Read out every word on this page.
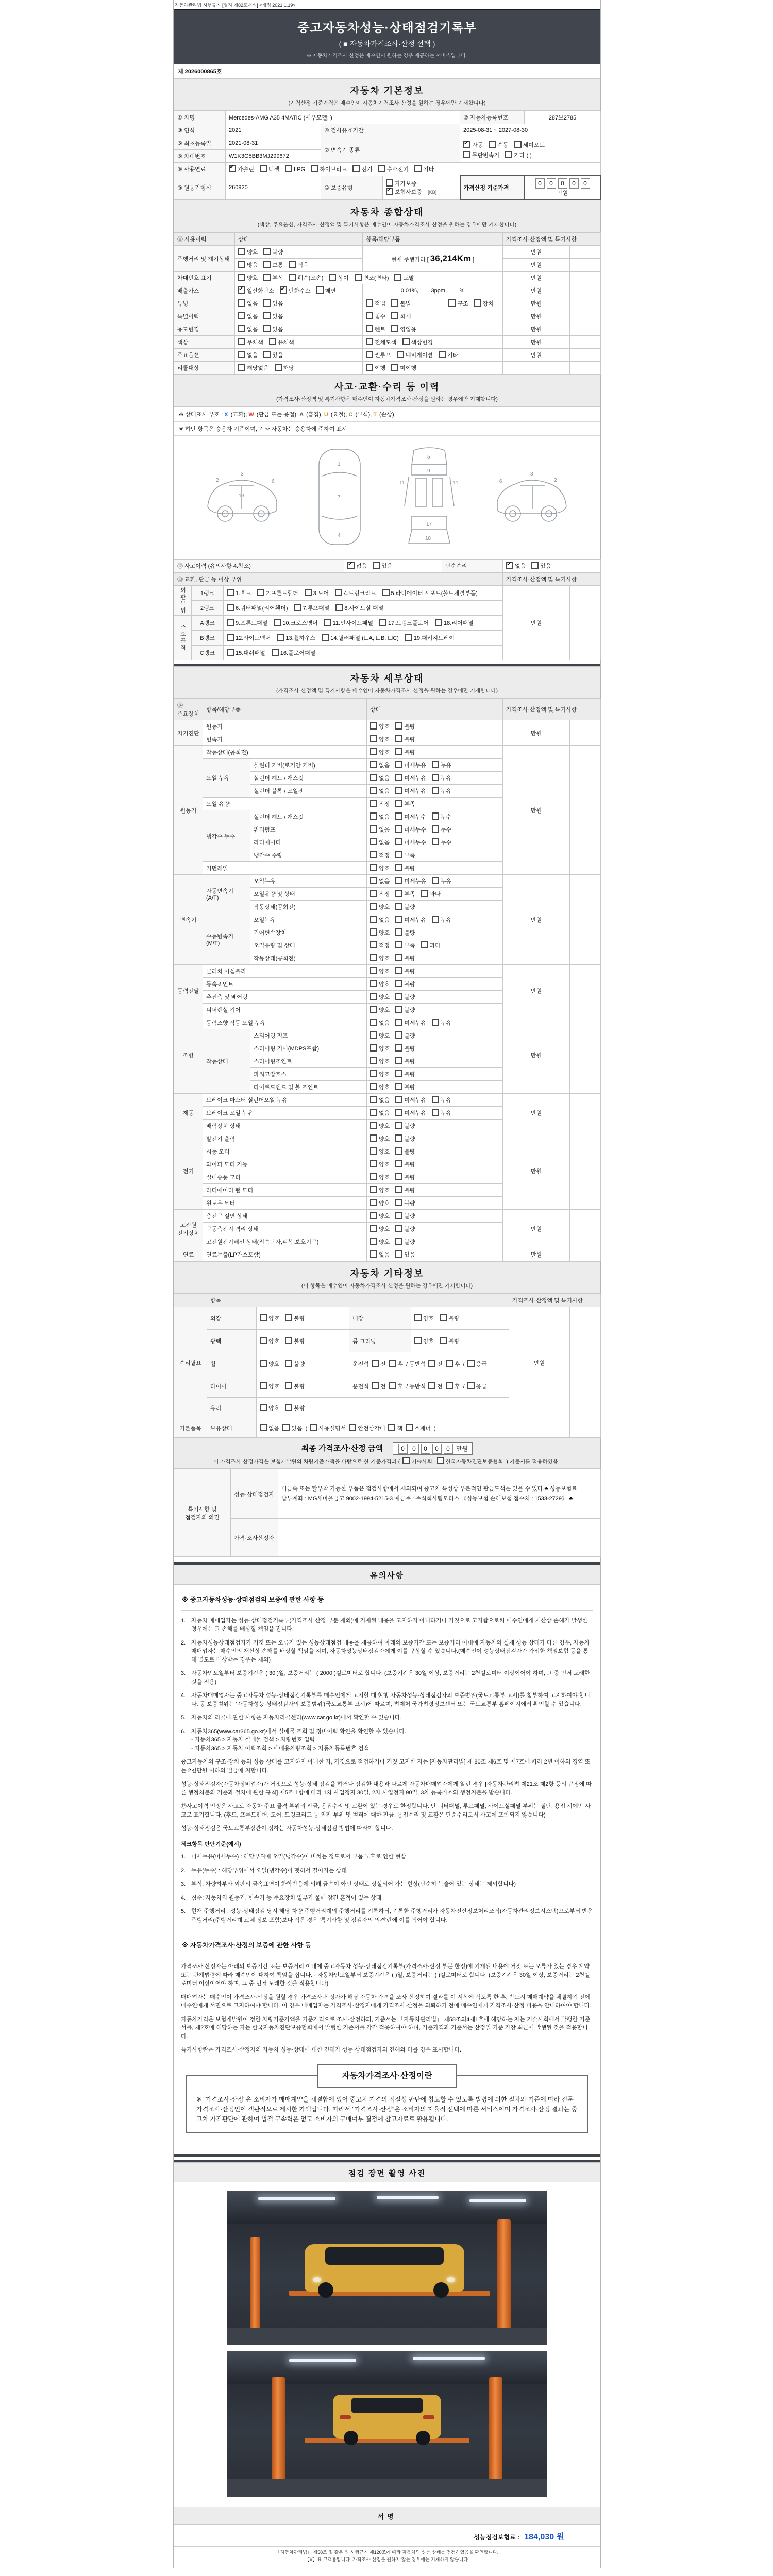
자동차관리법 시행규칙 [별지 제82호서식] <개정 2021.1.19>
중고자동차성능·상태점검기록부
( ■ 자동차가격조사·산정 선택 )
※ 자동차가격조사·산정은 매수인이 원하는 경우 제공하는 서비스입니다.
제 2026000865호
자동차 기본정보
(가격산정 기준가격은 매수인이 자동차가격조사·산정을 원하는 경우에만 기재합니다)
① 차명	Mercedes-AMG A35 4MATIC (세부모델: )			② 자동차등록번호	287보2785
③ 연식	2021	④ 검사유효기간		2025-08-31 ~ 2027-08-30	
⑤ 최초등록일	2021-08-31	⑦ 변속기 종류	
✔자동 수동 세미오토
무단변속기 기타 ( )

⑥ 차대번호	W1K3G5BB3MJ299672				
⑧ 사용연료	✔가솔린 디젤 LPG 하이브리드 전기 수소전기 기타
⑨ 원동기형식	260920	⑩ 보증유형	자가보증✔보험사보증 [KB]	가격산정 기준가격	0 0 0 0 0 만원
자동차 종합상태
(색상, 주요옵션, 가격조사·산정액 및 특기사항은 매수인이 자동차가격조사·산정을 원하는 경우에만 기재합니다)
⑪ 사용이력	상태	항목/해당부품	가격조사·산정액 및 특기사항	
주행거리 및 계기상태	양호 불량	현재 주행거리 [ 36,214Km ]	만원	
	많음 보통 적음		만원	
차대번호 표기	양호 부식 훼손(오손) 상이 변조(변타) 도말		만원	
배출가스	✔일산화탄소 ✔ 탄화수소 매연	0.01%,        3ppm,        %	만원	
튜닝	없음 있음	적법 불법 구조 장치	만원	
특별이력	없음 있음	침수 화재	만원	
용도변경	없음 있음	렌트 영업용	만원	
색상	무채색 유채색	전체도색 색상변경	만원	
주요옵션	없음 있음	썬루프 네비게이션 기타	만원	
리콜대상	해당없음 해당	이행 미이행		
사고·교환·수리 등 이력
(가격조사·산정액 및 특기사항은 매수인이 자동차가격조사·산정을 원하는 경우에만 기재합니다)
※ 상태표시 부호 : X (교환), W (판금 또는 용접), A (흠집), U (요철), C (부식), T (손상)
※ 하단 항목은 승용차 기준이며, 기타 자동차는 승용차에 준하여 표시
2
3
6
13
1
7
4
5
9
11	11
17
18
2
3
6
⑫ 사고이력 (유의사항 4.참조)	✔없음	있음	단순수리	✔없음	있음
⑬ 교환, 판금 등 이상 부위			가격조사·산정액 및 특기사항	
외판부위	1랭크	1.후드 2.프론트휀더 3.도어 4.트렁크리드 5.라디에이터 서포트(볼트체결부품)	만원	
	2랭크	6.쿼터패널(리어휀더) 7.루프패널 8.사이드실 패널		
주요골격	A랭크	9.프론트패널 10.크로스멤버 11.인사이드패널 17.트렁크플로어 18.리어패널		
	B랭크	12.사이드멤버 13.휠하우스 14.필러패널 (☐A, ☐B, ☐C) 19.패키지트레이		
	C랭크	15.대쉬패널 16.플로어패널		
자동차 세부상태
(가격조사·산정액 및 특기사항은 매수인이 자동차가격조사·산정을 원하는 경우에만 기재합니다)
⑭ 주요장치	항목/해당부품		상태	가격조사·산정액 및 특기사항	
자기진단	원동기		양호 불량	만원	
	변속기		양호 불량		
원동기	작동상태(공회전)		양호 불량	만원	
	오일 누유	실린더 커버(로커암 커버)	없음 미세누유 누유		
		실린더 헤드 / 개스킷	없음 미세누유 누유		
		실린더 블록 / 오일팬	없음 미세누유 누유		
	오일 유량		적정 부족		
	냉각수 누수	실린더 헤드 / 개스킷	없음 미세누수 누수		
		워터펌프	없음 미세누수 누수		
		라디에이터	없음 미세누수 누수		
		냉각수 수량	적정 부족		
	커먼레일		양호 불량		
변속기	자동변속기 (A/T)	오일누유	없음 미세누유 누유	만원	
		오일유량 및 상태	적정 부족 과다		
		작동상태(공회전)	양호 불량		
	수동변속기 (M/T)	오일누유	없음 미세누유 누유		
		기어변속장치	양호 불량		
		오일유량 및 상태	적정 부족 과다		
		작동상태(공회전)	양호 불량		
동력전달	클러치 어셈블리		양호 불량	만원	
	등속죠인트		양호 불량		
	추진축 및 베어링		양호 불량		
	디퍼렌셜 기어		양호 불량		
조향	동력조향 작동 오일 누유		없음 미세누유 누유	만원	
	작동상태	스티어링 펌프	양호 불량		
		스티어링 기어(MDPS포함)	양호 불량		
		스티어링조인트	양호 불량		
		파워고압호스	양호 불량		
		타이로드엔드 및 볼 조인트	양호 불량		
제동	브레이크 마스터 실린더오일 누유		없음 미세누유 누유	만원	
	브레이크 오일 누유		없음 미세누유 누유		
	배력장치 상태		양호 불량		
전기	발전기 출력		양호 불량	만원	
	시동 모터		양호 불량		
	와이퍼 모터 기능		양호 불량		
	실내송풍 모터		양호 불량		
	라디에이터 팬 모터		양호 불량		
	윈도우 모터		양호 불량		
고전원 전기장치	충전구 절연 상태		양호 불량	만원	
	구동축전지 격리 상태		양호 불량		
	고전원전기배선 상태(접속단자,피복,보호기구)		양호 불량		
연료	연료누출(LP가스포함)		없음 있음	만원	
자동차 기타정보
(이 항목은 매수인이 자동차가격조사·산정을 원하는 경우에만 기재합니다)
	항목				가격조사·산정액 및 특기사항	
수리필요	외장	양호 불량	내장	양호 불량	만원	
	광택	양호 불량	룸 크리닝	양호 불량		
	휠	양호 불량	운전석 전 후 / 동반석 전 후 / 응급			
	타이어	양호 불량	운전석 전 후 / 동반석 전 후 / 응급			
	유리	양호 불량				
기본품목	보유상태	없음 있음 ( 사용설명서 안전삼각대 잭 스패너 )				
최종 가격조사·산정 금액	0 0 0 0 0 만원
이 가격조사·산정가격은 보험개발원의 차량기준가액을 바탕으로 한 기준가격과 ( 기술사회, 한국자동차진단보증협회 ) 기준서를 적용하였음
특기사항 및 점검자의 의견	성능·상태점검자	비금속 또는 탈부착 가능한 부품은 점검사항에서 제외되며 중고차 특성상 부분적인 판금도색은 있을 수 있다.♣ 성능보험료 납부계좌 : MG새마을금고 9002-1994-5215-3 예금주 : 주식회사팀모터스 《성능보험 손해보험 접수처 : 1533-2729》 ♣
	가격·조사산정자	
유의사항
※ 중고자동차성능·상태점검의 보증에 관한 사항 등
1. 자동차 매매업자는 성능·상태점검기록부(가격조사·산정 부분 제외)에 기재된 내용을 고지하지 아니하거나 거짓으로 고지함으로써 매수인에게 재산상 손해가 발생한 경우에는 그 손해를 배상할 책임을 집니다.
2. 자동차성능상태점검자가 거짓 또는 오류가 있는 성능상태점검 내용을 제공하여 아래의 보증기간 또는 보증거리 이내에 자동차의 실제 성능 상태가 다른 경우, 자동차매매업자는 매수인의 재산상 손해를 배상할 책임을 지며, 자동차성능상태점검자에게 이를 구상할 수 있습니다.(매수인이 성능상태점검자가 가입한 책임보험 등을 통해 별도로 배상받는 경우는 제외)
3. 자동차인도일부터 보증기간은 ( 30 )일, 보증거리는 ( 2000 )킬로미터로 합니다. (보증기간은 30일 이상, 보증거리는 2천킬로미터 이상이어야 하며, 그 중 먼저 도래한 것을 적용)
4. 자동차매매업자는 중고자동차 성능·상태점검기록부를 매수인에게 고지할 때 현행 자동차성능·상태점검자의 보증범위(국토교통부 고시)를 첨부하여 고지하여야 합니다. 동 보증범위는 '자동차성능·상태점검자의 보증범위'(국토교통부 고시)에 따르며, 법제처 국가법령정보센터 또는 국토교통부 홈페이지에서 확인할 수 있습니다.
5. 자동차의 리콜에 관한 사항은 자동차리콜센터(www.car.go.kr)에서 확인할 수 있습니다.
6. 자동차365(www.car365.go.kr)에서 실매물 조회 및 정비이력 확인을 확인할 수 있습니다.
- 자동차365 > 자동차 실매물 검색 > 차량번호 입력
- 자동차365 > 자동차 이력조회 > 매매용차량조회 > 자동차등록번호 검색
중고자동차의 구조·장치 등의 성능·상태를 고지하지 아니한 자, 거짓으로 점검하거나 거짓 고지한 자는 [자동차관리법] 제 80조 제6호 및 제7호에 따라 2년 이하의 징역 또는 2천만원 이하의 벌금에 처합니다.
성능·상태점검자(자동차정비업자)가 거짓으로 성능·상태 점검을 하거나 점검한 내용과 다르게 자동차매매업자에게 알린 경우 [자동차관리법 제21조 제2항 등의 규정에 따른 행정처분의 기준과 절차에 관한 규칙] 제5조 1항에 따라 1차 사업정지 30일, 2차 사업정지 90일, 3차 등록취소의 행정처분을 받습니다.
⑫사고이력 인정은 사고로 자동차 주요 골격 부위의 판금, 용접수리 및 교환이 있는 경우로 한정합니다. 단 쿼터패널, 루프패널, 사이드실패널 부위는 절단, 용접 시에만 사고로 표기합니다. (후드, 프론트펜더, 도어, 트렁크리드 등 외판 부위 및 범퍼에 대한 판금, 용접수리 및 교환은 단순수리로서 사고에 포함되지 않습니다)
성능·상태점검은 국토교통부장관이 정하는 자동차성능·상태점검 방법에 따라야 합니다.
체크항목 판단기준(예시)
1. 미세누유(미세누수) : 해당부위에 오일(냉각수)이 비치는 정도로서 부품 노후로 인한 현상
2. 누유(누수) : 해당부위에서 오일(냉각수)이 맺혀서 떨어지는 상태
3. 부식: 차량하부와 외판의 금속표면이 화학반응에 의해 금속이 아닌 상태로 상실되어 가는 현상(단순히 녹슬어 있는 상태는 제외합니다)
4. 침수: 자동차의 원동기, 변속기 등 주요장치 일부가 물에 잠긴 흔적이 있는 상태
5. 현재 주행거리 : 성능·상태점검 당시 해당 차량 주행거리계의 주행거리를 기록하되, 기록한 주행거리가 자동차전산정보처리조직(자동차관리정보시스템)으로부터 받은 주행거리(주행거리계 교체 정보 포함)보다 적은 경우 '특기사항 및 점검자의 의견'란에 이를 적어야 합니다.
※ 자동차가격조사·산정의 보증에 관한 사항 등
가격조사·산정자는 아래의 보증기간 또는 보증거리 이내에 중고자동차 성능·상태점검기록부(가격조사·산정 부분 한정)에 기재된 내용에 거짓 또는 오류가 있는 경우 계약 또는 관계법령에 따라 매수인에 대하여 책임을 집니다. · 자동차인도일부터 보증기간은 ( )일, 보증거리는 ( )킬로미터로 합니다. (보증기간은 30일 이상, 보증거리는 2천킬로미터 이상이어야 하며, 그 중 먼저 도래한 것을 적용합니다)
매매업자는 매수인이 가격조사·산정을 원할 경우 가격조사·산정자가 해당 자동차 가격을 조사·산정하여 결과를 이 서식에 적도록 한 후, 반드시 매매계약을 체결하기 전에 매수인에게 서면으로 고지하여야 합니다. 이 경우 매매업자는 가격조사·산정자에게 가격조사·산정을 의뢰하기 전에 매수인에게 가격조사·산정 비용을 안내하여야 합니다.
자동차가격은 보험개발원이 정한 차량기준가액을 기준가격으로 조사·산정하되, 기준서는 「자동차관리법」 제58조의4제1호에 해당하는 자는 기술사회에서 발행한 기준서를, 제2호에 해당하는 자는 한국자동차진단보증협회에서 발행한 기준서를 각각 적용하여야 하며, 기준가격과 기준서는 산정일 기준 가장 최근에 발행된 것을 적용합니다.
특기사항란은 가격조사·산정자의 자동차 성능·상태에 대한 견해가 성능·상태점검자의 견해와 다를 경우 표시합니다.
자동차가격조사·산정이란
※ "가격조사·산정"은 소비자가 매매계약을 체결함에 있어 중고차 가격의 적절성 판단에 참고할 수 있도록 법령에 의한 절차와 기준에 따라 전문 가격조사·산정인이 객관적으로 제시한 가액입니다. 따라서 "가격조사·산정"은 소비자의 자율적 선택에 따른 서비스이며 가격조사·산정 결과는 중고차 가격판단에 관하여 법적 구속력은 없고 소비자의 구매여부 결정에 참고자료로 활용됩니다.
점검 장면 촬영 사진
서명
성능점검보험료 : 184,030 원
「자동차관리법」 제58조 및 같은 법 시행규칙 제120조에 따라 자동차의 성능·상태를 점검하였음을 확인합니다.
【V】표 고객용입니다. 가격조사·산정을 원하지 않는 경우에는 기재하지 않습니다.
